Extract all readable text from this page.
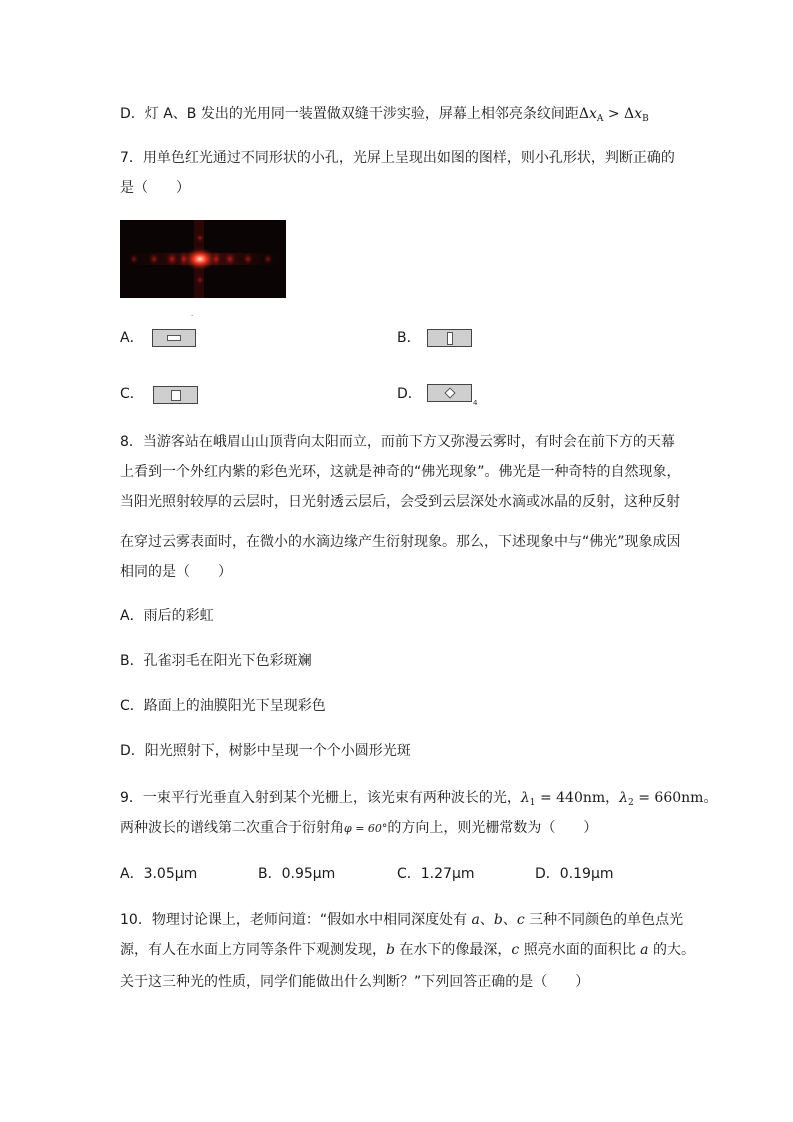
D．灯 A、B 发出的光用同一装置做双缝干涉实验，屏幕上相邻亮条纹间距$\Delta x_A > \Delta x_B$
7．用单色红光通过不同形状的小孔，光屏上呈现出如图的图样，则小孔形状，判断正确的
是（　　）
.
A．	B．
C．	D．
4
8．当游客站在峨眉山山顶背向太阳而立，而前下方又弥漫云雾时，有时会在前下方的天幕
上看到一个外红内紫的彩色光环，这就是神奇的“佛光现象”。佛光是一种奇特的自然现象，
当阳光照射较厚的云层时，日光射透云层后，会受到云层深处水滴或冰晶的反射，这种反射
在穿过云雾表面时，在微小的水滴边缘产生衍射现象。那么，下述现象中与“佛光”现象成因
相同的是（　　）
A．雨后的彩虹
B．孔雀羽毛在阳光下色彩斑斓
C．路面上的油膜阳光下呈现彩色
D．阳光照射下，树影中呈现一个个小圆形光斑
9．一束平行光垂直入射到某个光栅上，该光束有两种波长的光，$\lambda_1 = 440nm$，$\lambda_2 = 660nm$。
两种波长的谱线第二次重合于衍射角φ = 60°的方向上，则光栅常数为（　　）
A．3.05μm	B．0.95μm	C．1.27μm	D．0.19μm
10．物理讨论课上，老师问道：“假如水中相同深度处有 a、b、c 三种不同颜色的单色点光
源，有人在水面上方同等条件下观测发现，b 在水下的像最深，c 照亮水面的面积比 a 的大。
关于这三种光的性质，同学们能做出什么判断？”下列回答正确的是（　　）
